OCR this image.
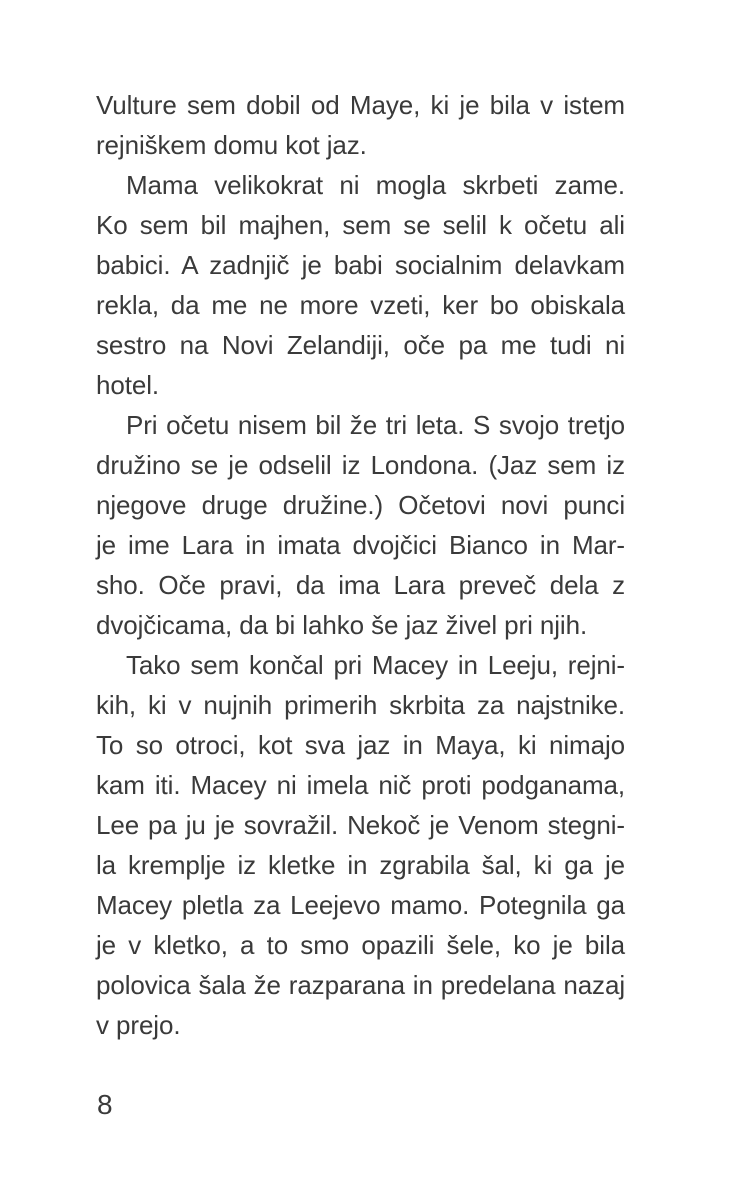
Vulture sem dobil od Maye, ki je bila v istem
rejniškem domu kot jaz.
Mama velikokrat ni mogla skrbeti zame.
Ko sem bil majhen, sem se selil k očetu ali
babici. A zadnjič je babi socialnim delavkam
rekla, da me ne more vzeti, ker bo obiskala
sestro na Novi Zelandiji, oče pa me tudi ni
hotel.
Pri očetu nisem bil že tri leta. S svojo tretjo
družino se je odselil iz Londona. (Jaz sem iz
njegove druge družine.) Očetovi novi punci
je ime Lara in imata dvojčici Bianco in Mar-
sho. Oče pravi, da ima Lara preveč dela z
dvojčicama, da bi lahko še jaz živel pri njih.
Tako sem končal pri Macey in Leeju, rejni-
kih, ki v nujnih primerih skrbita za najstnike.
To so otroci, kot sva jaz in Maya, ki nimajo
kam iti. Macey ni imela nič proti podganama,
Lee pa ju je sovražil. Nekoč je Venom stegni-
la kremplje iz kletke in zgrabila šal, ki ga je
Macey pletla za Leejevo mamo. Potegnila ga
je v kletko, a to smo opazili šele, ko je bila
polovica šala že razparana in predelana nazaj
v prejo.
8
